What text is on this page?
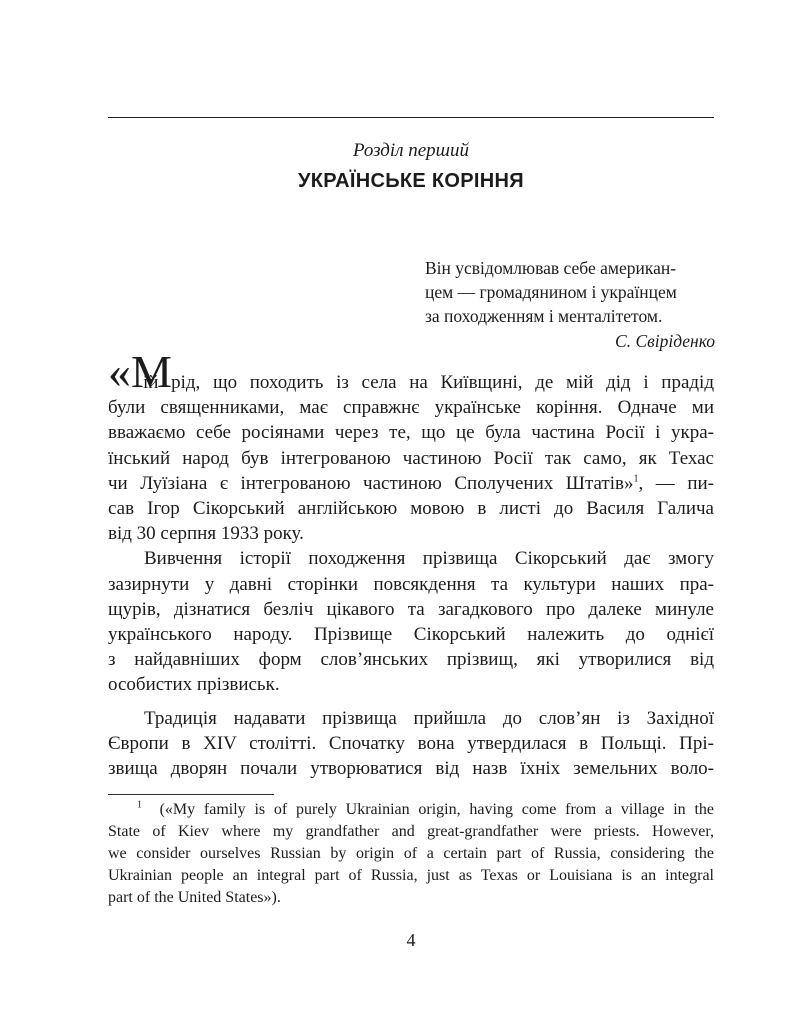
Розділ перший
УКРАЇНСЬКЕ КОРІННЯ
Він усвідомлював себе американ-
цем — громадянином і українцем
за походженням і менталітетом.
С. Свіріденко
«М
ій рід, що походить із села на Київщині, де мій дід і прадід
були священниками, має справжнє українське коріння. Одначе ми
вважаємо себе росіянами через те, що це була частина Росії і укра-
їнський народ був інтегрованою частиною Росії так само, як Техас
чи Луїзіана є інтегрованою частиною Сполучених Штатів»$^1$, — пи-
сав Ігор Сікорський англійською мовою в листі до Василя Галича
від 30 серпня 1933 року.
Вивчення історії походження прізвища Сікорський дає змогу
зазирнути у давні сторінки повсякдення та культури наших пра-
щурів, дізнатися безліч цікавого та загадкового про далеке минуле
українського народу. Прізвище Сікорський належить до однієї
з найдавніших форм слов’янських прізвищ, які утворилися від
особистих прізвиськ.
Традиція надавати прізвища прийшла до слов’ян із Західної
Європи в XIV столітті. Спочатку вона утвердилася в Польщі. Прі-
звища дворян почали утворюватися від назв їхніх земельних воло-
$^1$ («My family is of purely Ukrainian origin, having come from a village in the
State of Kiev where my grandfather and great-grandfather were priests. However,
we consider ourselves Russian by origin of a certain part of Russia, considering the
Ukrainian people an integral part of Russia, just as Texas or Louisiana is an integral
part of the United States»).
4
